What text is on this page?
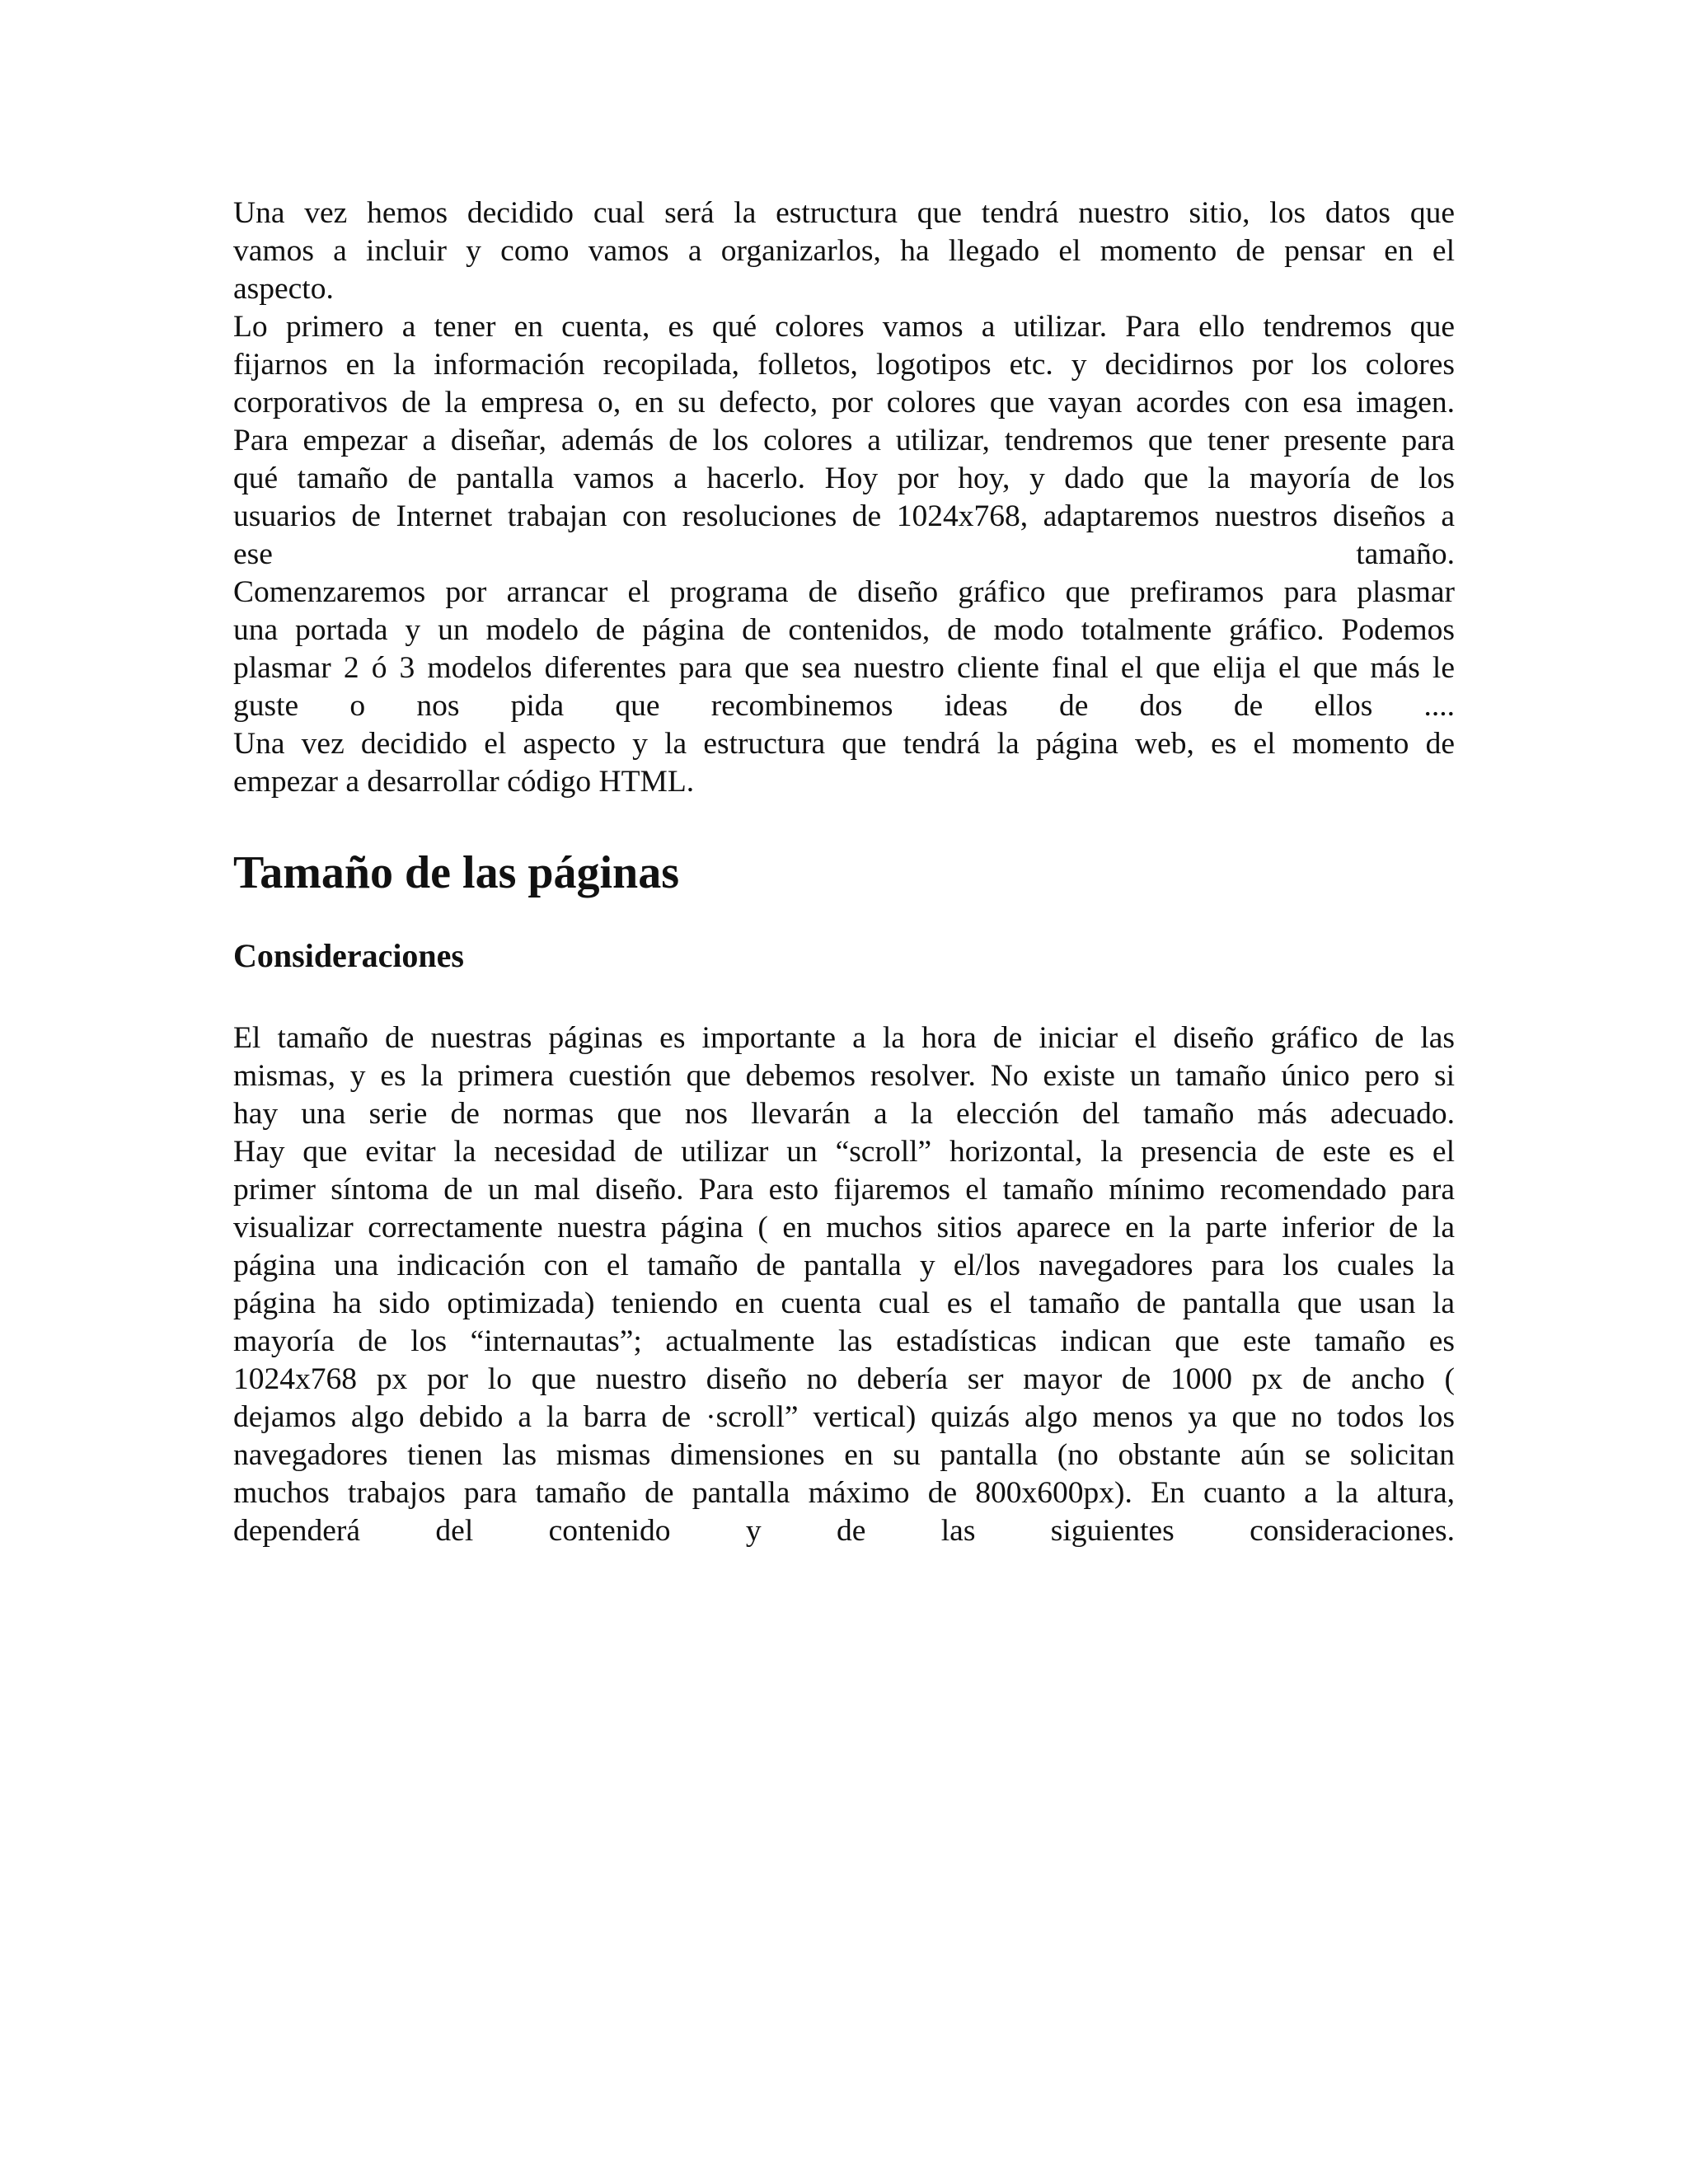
Una vez hemos decidido cual será la estructura que tendrá nuestro sitio, los datos que
vamos a incluir y como vamos a organizarlos, ha llegado el momento de pensar en el
aspecto.
Lo primero a tener en cuenta, es qué colores vamos a utilizar. Para ello tendremos que
fijarnos en la información recopilada, folletos, logotipos etc. y decidirnos por los colores
corporativos de la empresa o, en su defecto, por colores que vayan acordes con esa imagen.
Para empezar a diseñar, además de los colores a utilizar, tendremos que tener presente para
qué tamaño de pantalla vamos a hacerlo. Hoy por hoy, y dado que la mayoría de los
usuarios de Internet trabajan con resoluciones de 1024x768, adaptaremos nuestros diseños a
ese tamaño.
Comenzaremos por arrancar el programa de diseño gráfico que prefiramos para plasmar
una portada y un modelo de página de contenidos, de modo totalmente gráfico. Podemos
plasmar 2 ó 3 modelos diferentes para que sea nuestro cliente final el que elija el que más le
guste o nos pida que recombinemos ideas de dos de ellos ....
Una vez decidido el aspecto y la estructura que tendrá la página web, es el momento de
empezar a desarrollar código HTML.
Tamaño de las páginas
Consideraciones
El tamaño de nuestras páginas es importante a la hora de iniciar el diseño gráfico de las
mismas, y es la primera cuestión que debemos resolver. No existe un tamaño único pero si
hay una serie de normas que nos llevarán a la elección del tamaño más adecuado.
Hay que evitar la necesidad de utilizar un “scroll” horizontal, la presencia de este es el
primer síntoma de un mal diseño. Para esto fijaremos el tamaño mínimo recomendado para
visualizar correctamente nuestra página ( en muchos sitios aparece en la parte inferior de la
página una indicación con el tamaño de pantalla y el/los navegadores para los cuales la
página ha sido optimizada) teniendo en cuenta cual es el tamaño de pantalla que usan la
mayoría de los “internautas”; actualmente las estadísticas indican que este tamaño es
1024x768 px por lo que nuestro diseño no debería ser mayor de 1000 px de ancho (
dejamos algo debido a la barra de ·scroll” vertical) quizás algo menos ya que no todos los
navegadores tienen las mismas dimensiones en su pantalla (no obstante aún se solicitan
muchos trabajos para tamaño de pantalla máximo de 800x600px). En cuanto a la altura,
dependerá del contenido y de las siguientes consideraciones.
